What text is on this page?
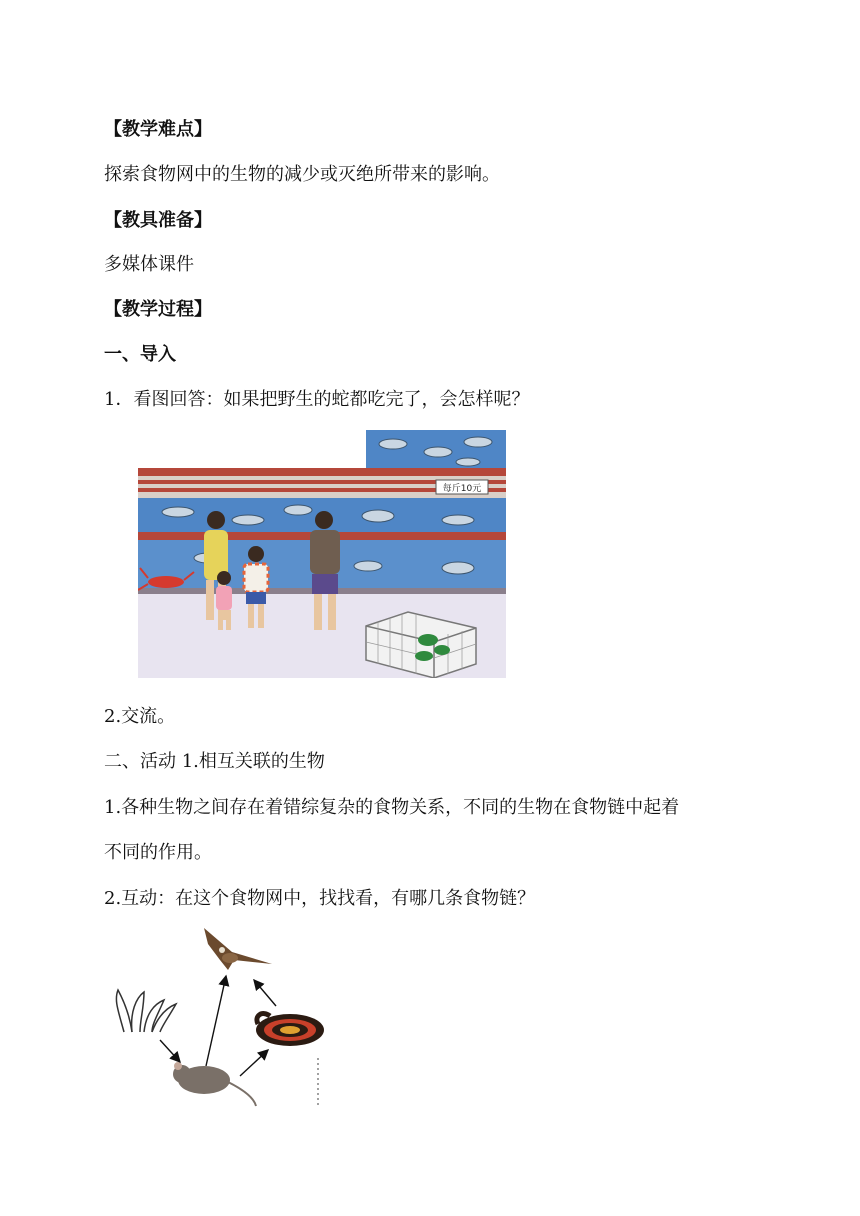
【教学难点】
探索食物网中的生物的减少或灭绝所带来的影响。
【教具准备】
多媒体课件
【教学过程】
一、导入
1．看图回答：如果把野生的蛇都吃完了，会怎样呢？
每斤10元
2.交流。
二、活动 1.相互关联的生物
1.各种生物之间存在着错综复杂的食物关系，不同的生物在食物链中起着
不同的作用。
2.互动：在这个食物网中，找找看，有哪几条食物链？
